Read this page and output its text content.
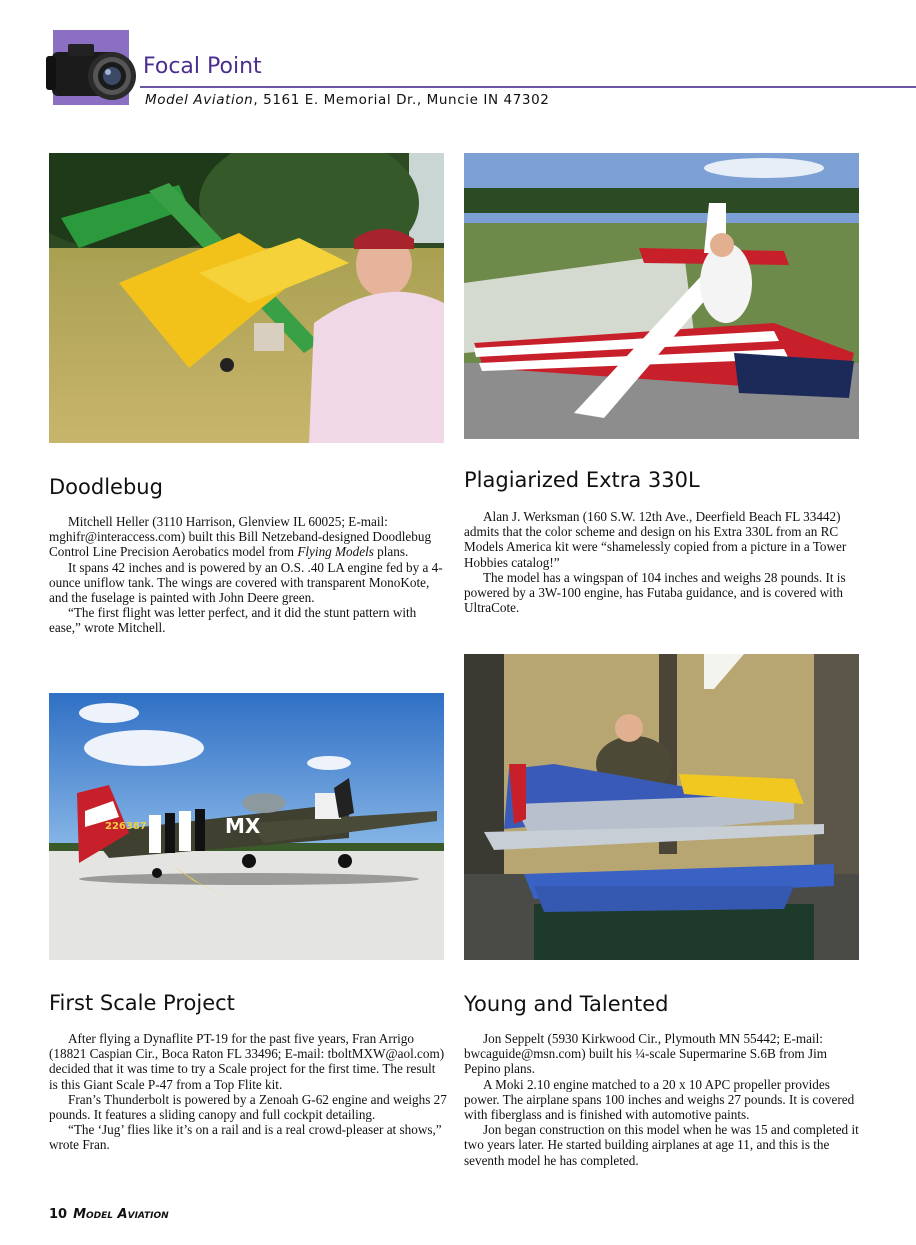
Focal Point
Model Aviation, 5161 E. Memorial Dr., Muncie IN 47302
Doodlebug

Mitchell Heller (3110 Harrison, Glenview IL 60025; E-mail: mghifr@interaccess.com) built this Bill Netzeband-designed Doodlebug Control Line Precision Aerobatics model from Flying Models plans.

It spans 42 inches and is powered by an O.S. .40 LA engine fed by a 4-ounce uniflow tank. The wings are covered with transparent MonoKote, and the fuselage is painted with John Deere green.

“The first flight was letter perfect, and it did the stunt pattern with ease,” wrote Mitchell.

Plagiarized Extra 330L

Alan J. Werksman (160 S.W. 12th Ave., Deerfield Beach FL 33442) admits that the color scheme and design on his Extra 330L from an RC Models America kit were “shamelessly copied from a picture in a Tower Hobbies catalog!”

The model has a wingspan of 104 inches and weighs 28 pounds. It is powered by a 3W-100 engine, has Futaba guidance, and is covered with UltraCote.

226387	MX
First Scale Project

After flying a Dynaflite PT-19 for the past five years, Fran Arrigo (18821 Caspian Cir., Boca Raton FL 33496; E-mail: tboltMXW@aol.com) decided that it was time to try a Scale project for the first time. The result is this Giant Scale P-47 from a Top Flite kit.

Fran’s Thunderbolt is powered by a Zenoah G-62 engine and weighs 27 pounds. It features a sliding canopy and full cockpit detailing.

“The ‘Jug’ flies like it’s on a rail and is a real crowd-pleaser at shows,” wrote Fran.

Young and Talented

Jon Seppelt (5930 Kirkwood Cir., Plymouth MN 55442; E-mail: bwcaguide@msn.com) built his ¼-scale Supermarine S.6B from Jim Pepino plans.

A Moki 2.10 engine matched to a 20 x 10 APC propeller provides power. The airplane spans 100 inches and weighs 27 pounds. It is covered with fiberglass and is finished with automotive paints.

Jon began construction on this model when he was 15 and completed it two years later. He started building airplanes at age 11, and this is the seventh model he has completed.

10 Model Aviation
